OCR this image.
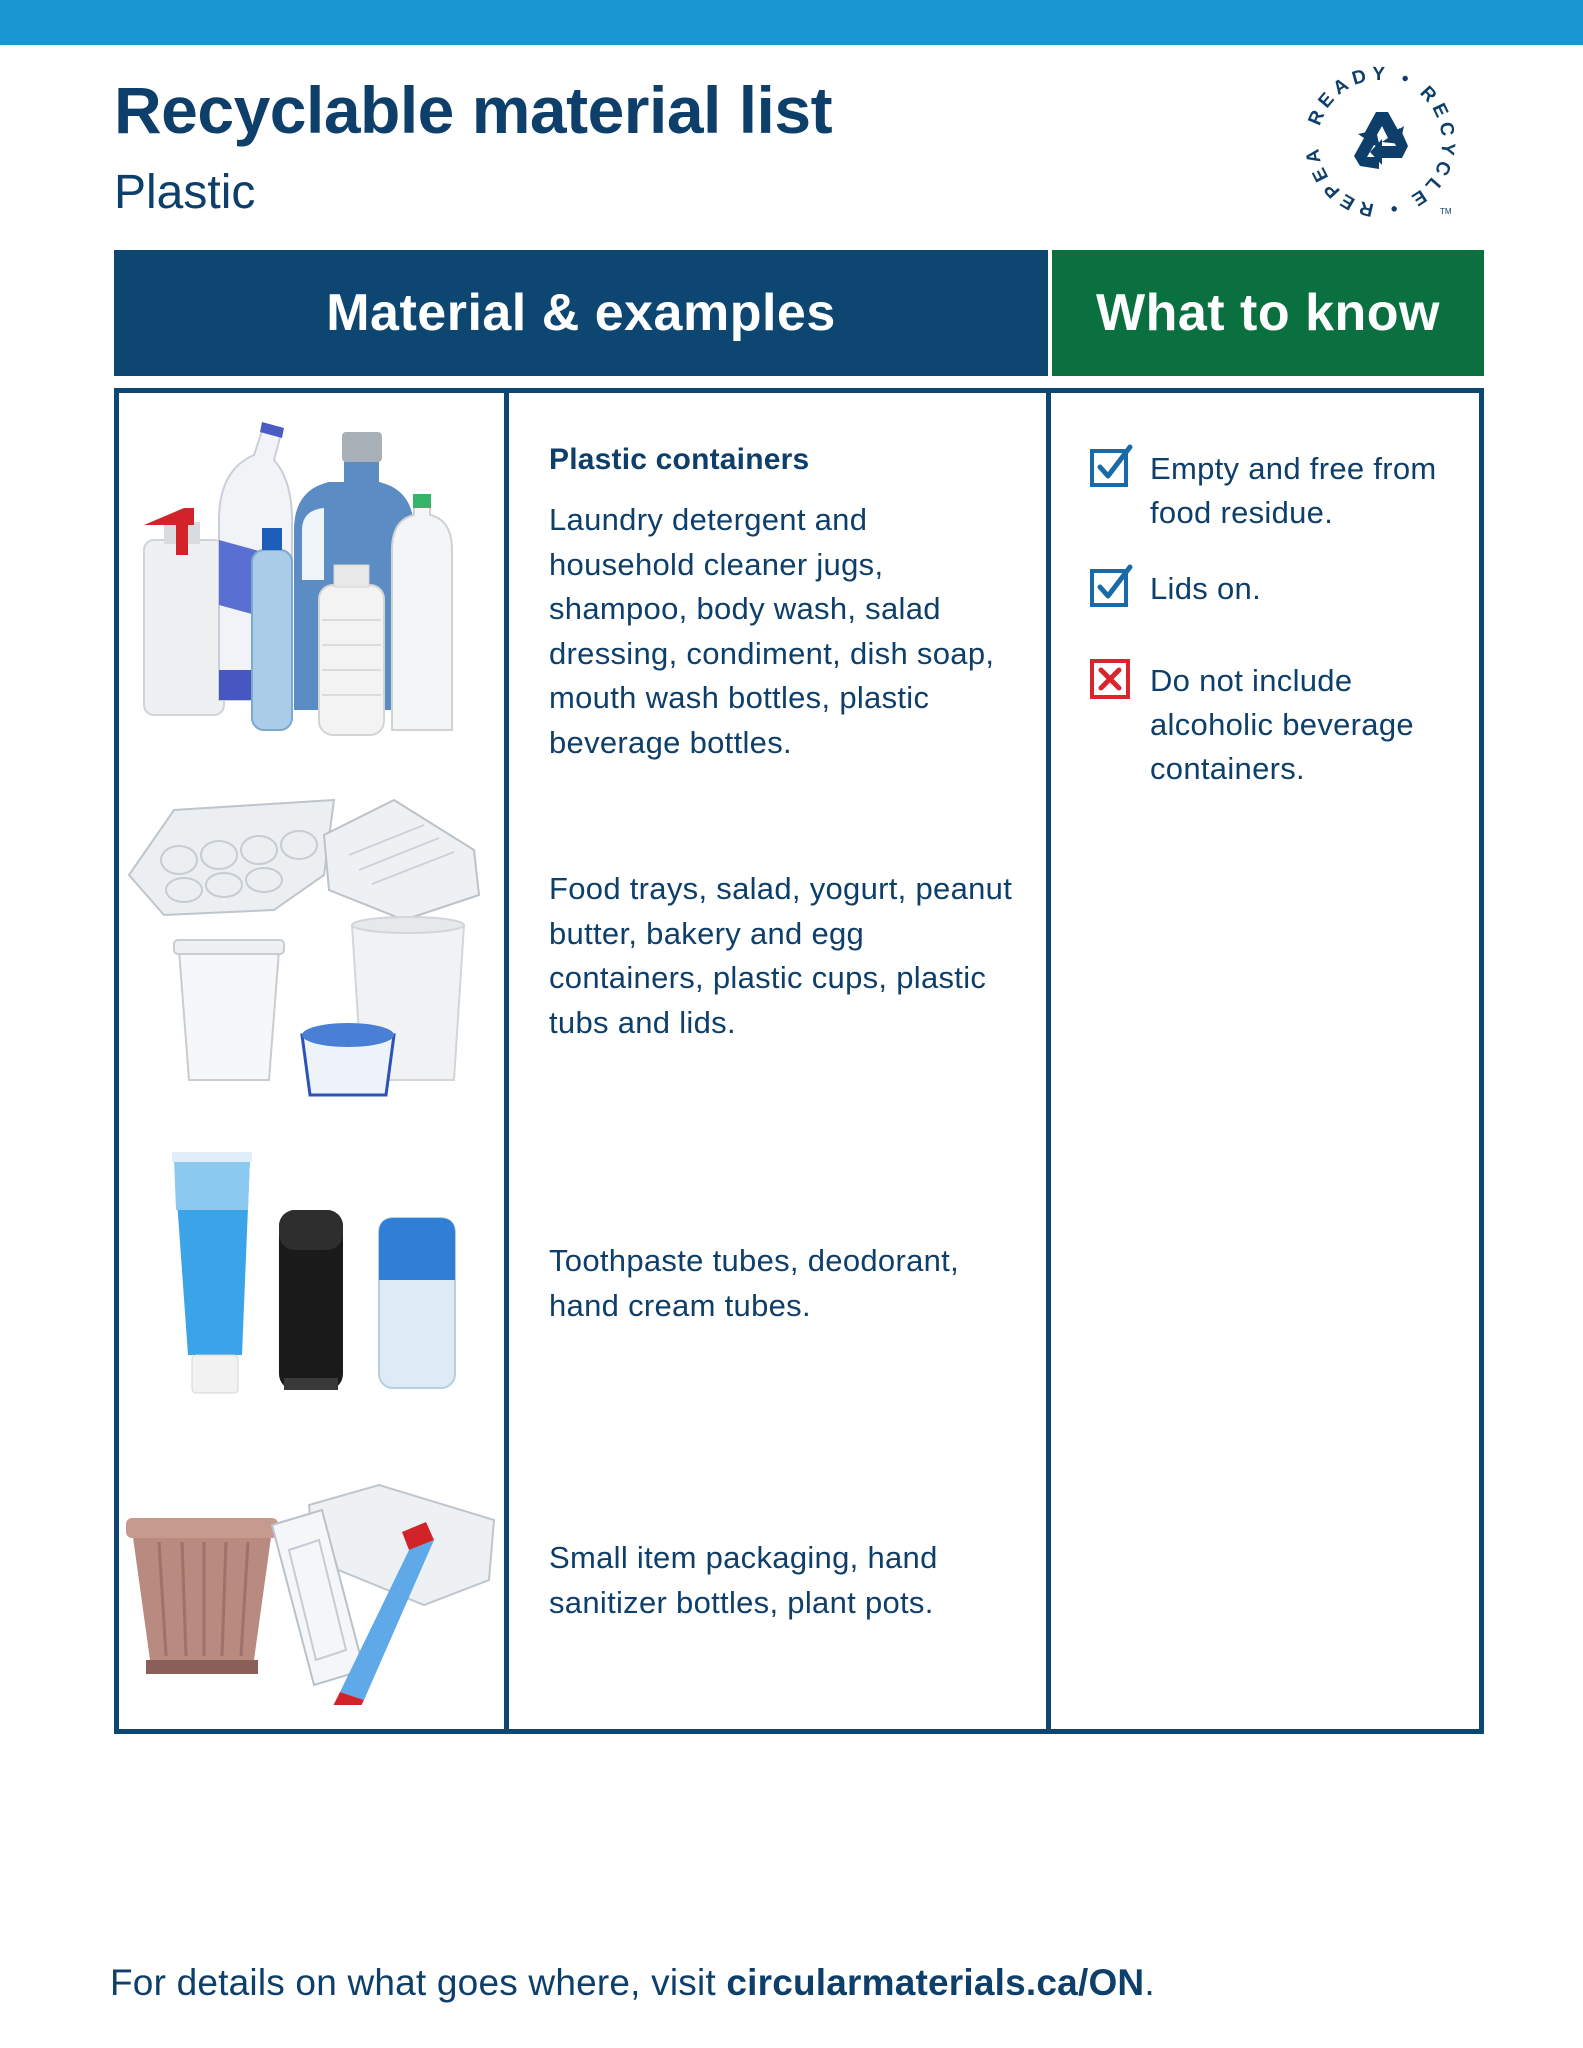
Recyclable material list
Plastic
READY • RECYCLE • REPEA
TM
Material & examples	What to know
Plastic containers
Laundry detergent and household cleaner jugs, shampoo, body wash, salad dressing, condiment, dish soap, mouth wash bottles, plastic beverage bottles.
Food trays, salad, yogurt, peanut butter, bakery and egg containers, plastic cups, plastic tubs and lids.
Toothpaste tubes, deodorant, hand cream tubes.
Small item packaging, hand sanitizer bottles, plant pots.
Empty and free from food residue.
Lids on.
Do not include alcoholic beverage containers.
For details on what goes where, visit circularmaterials.ca/ON.
